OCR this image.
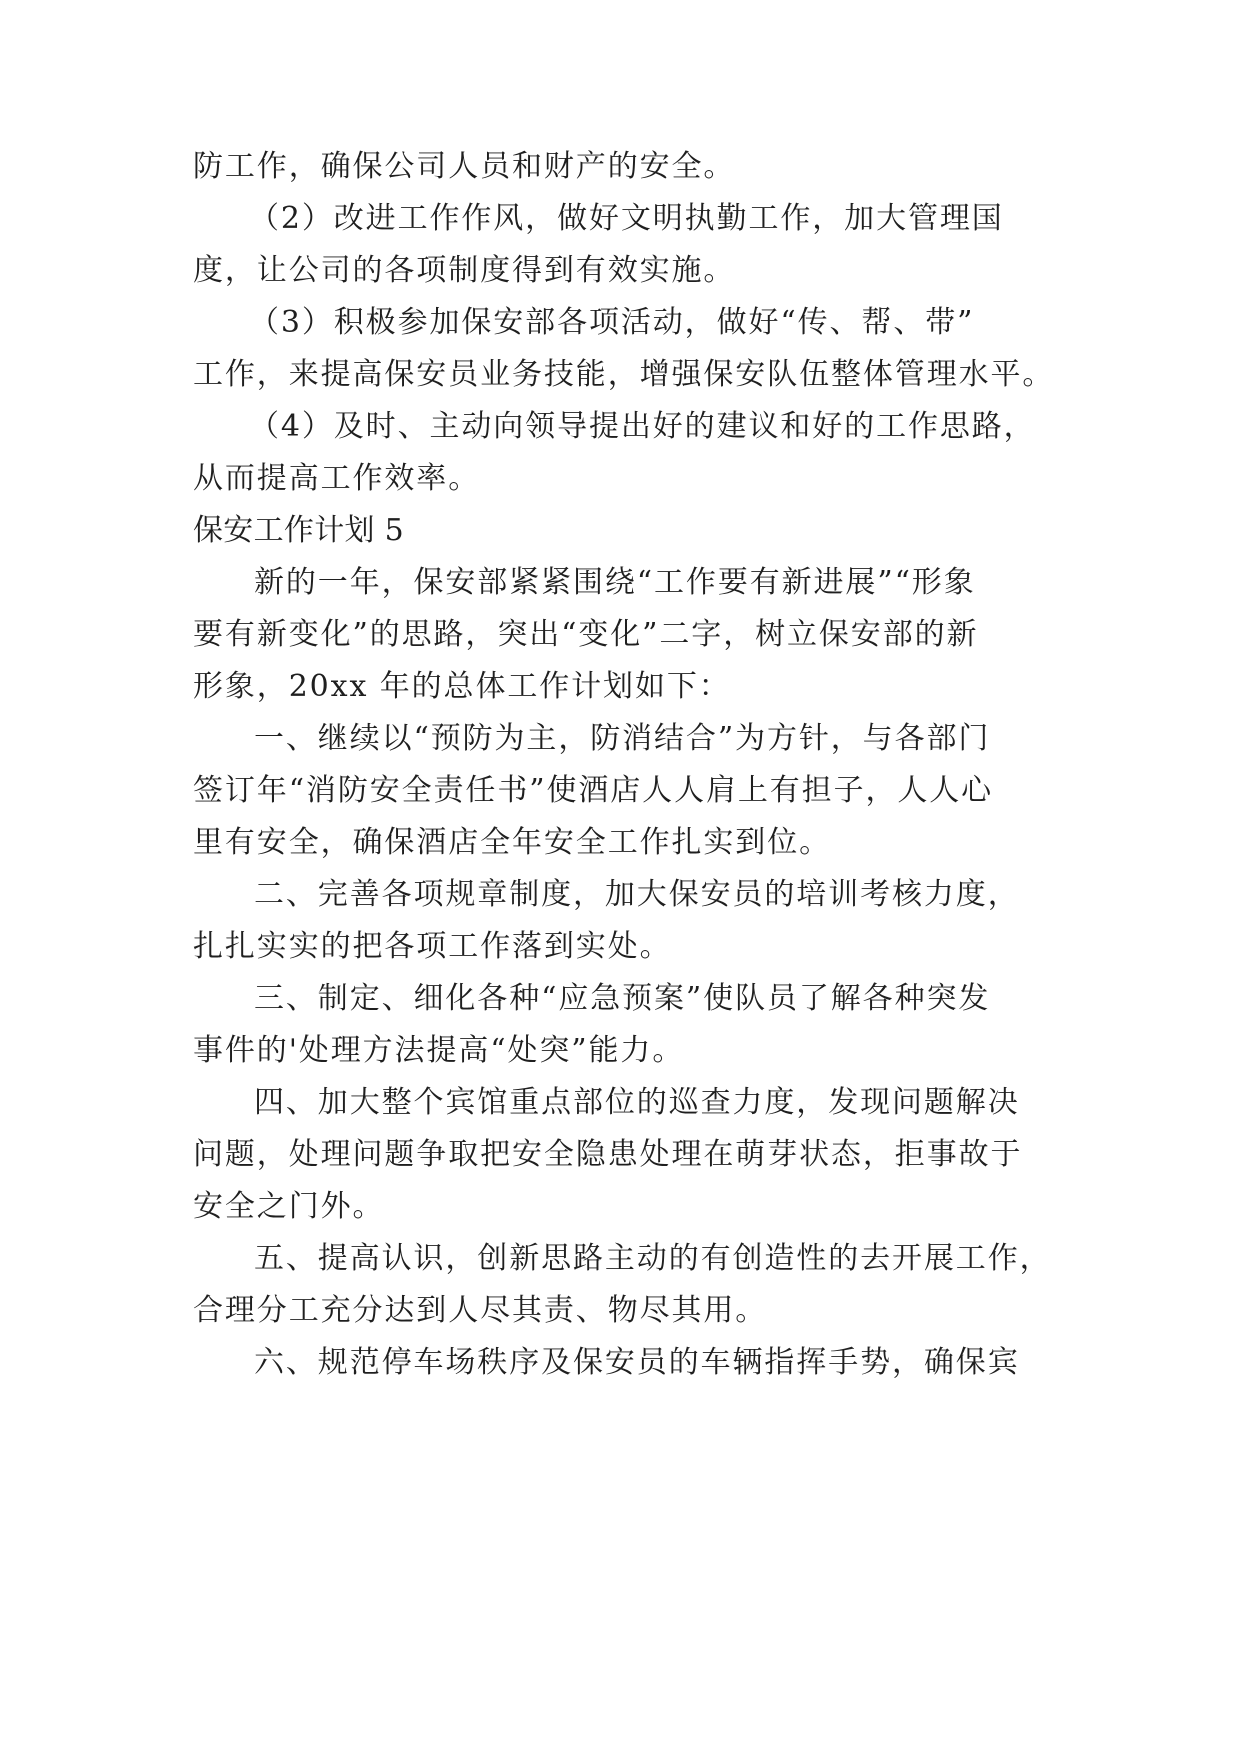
防工作，确保公司人员和财产的安全。

（2）改进工作作风，做好文明执勤工作，加大管理国

度，让公司的各项制度得到有效实施。

（3）积极参加保安部各项活动，做好“传、帮、带”

工作，来提高保安员业务技能，增强保安队伍整体管理水平。

（4）及时、主动向领导提出好的建议和好的工作思路，

从而提高工作效率。

保安工作计划 5

新的一年，保安部紧紧围绕“工作要有新进展”“形象

要有新变化”的思路，突出“变化”二字，树立保安部的新

形象，20xx 年的总体工作计划如下：

一、继续以“预防为主，防消结合”为方针，与各部门

签订年“消防安全责任书”使酒店人人肩上有担子，人人心

里有安全，确保酒店全年安全工作扎实到位。

二、完善各项规章制度，加大保安员的培训考核力度，

扎扎实实的把各项工作落到实处。

三、制定、细化各种“应急预案”使队员了解各种突发

事件的'处理方法提高“处突”能力。

四、加大整个宾馆重点部位的巡查力度，发现问题解决

问题，处理问题争取把安全隐患处理在萌芽状态，拒事故于

安全之门外。

五、提高认识，创新思路主动的有创造性的去开展工作，

合理分工充分达到人尽其责、物尽其用。

六、规范停车场秩序及保安员的车辆指挥手势，确保宾
